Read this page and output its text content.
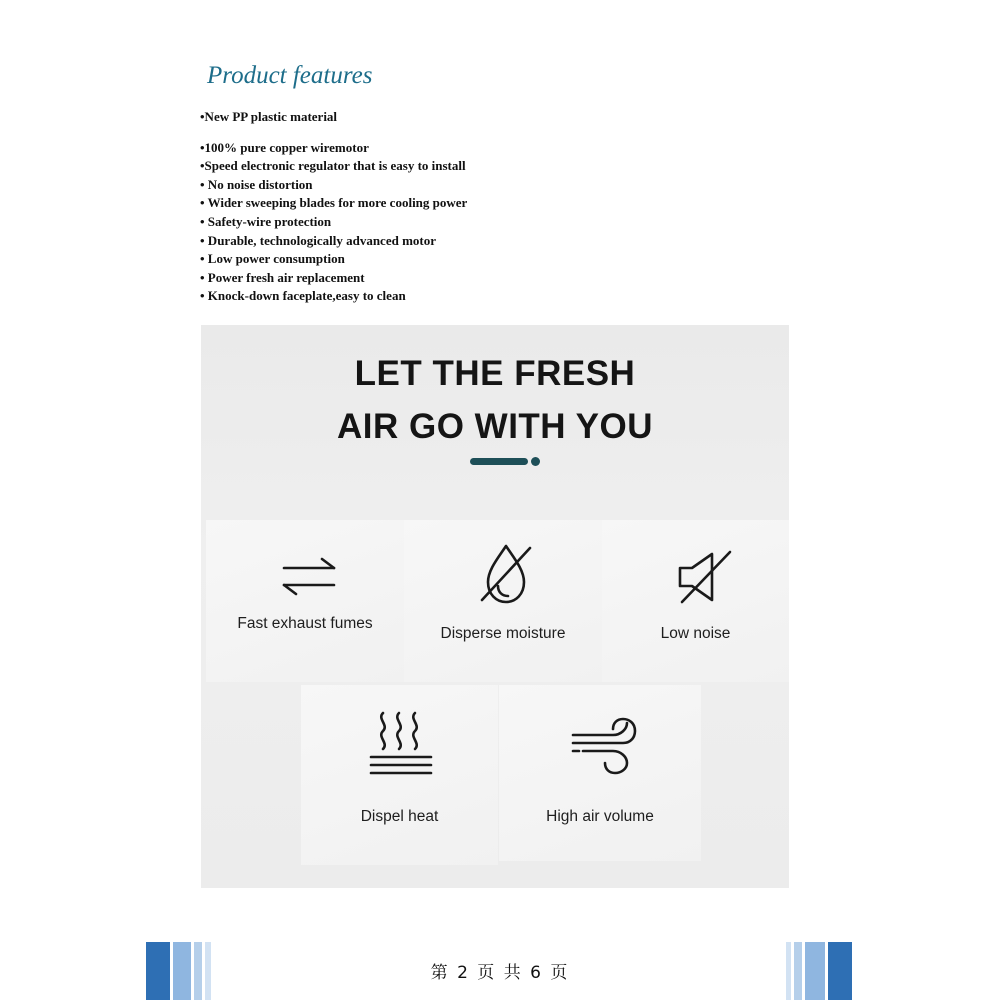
Product features
•New PP plastic material
•100% pure copper wiremotor
•Speed electronic regulator that is easy to install
• No noise distortion
• Wider sweeping blades for more cooling power
• Safety-wire protection
• Durable, technologically advanced motor
• Low power consumption
• Power fresh air replacement
• Knock-down faceplate,easy to clean
LET THE FRESH
AIR GO WITH YOU
Fast exhaust fumes
Disperse moisture	Low noise
Dispel heat	High air volume
第 2 页 共 6 页
